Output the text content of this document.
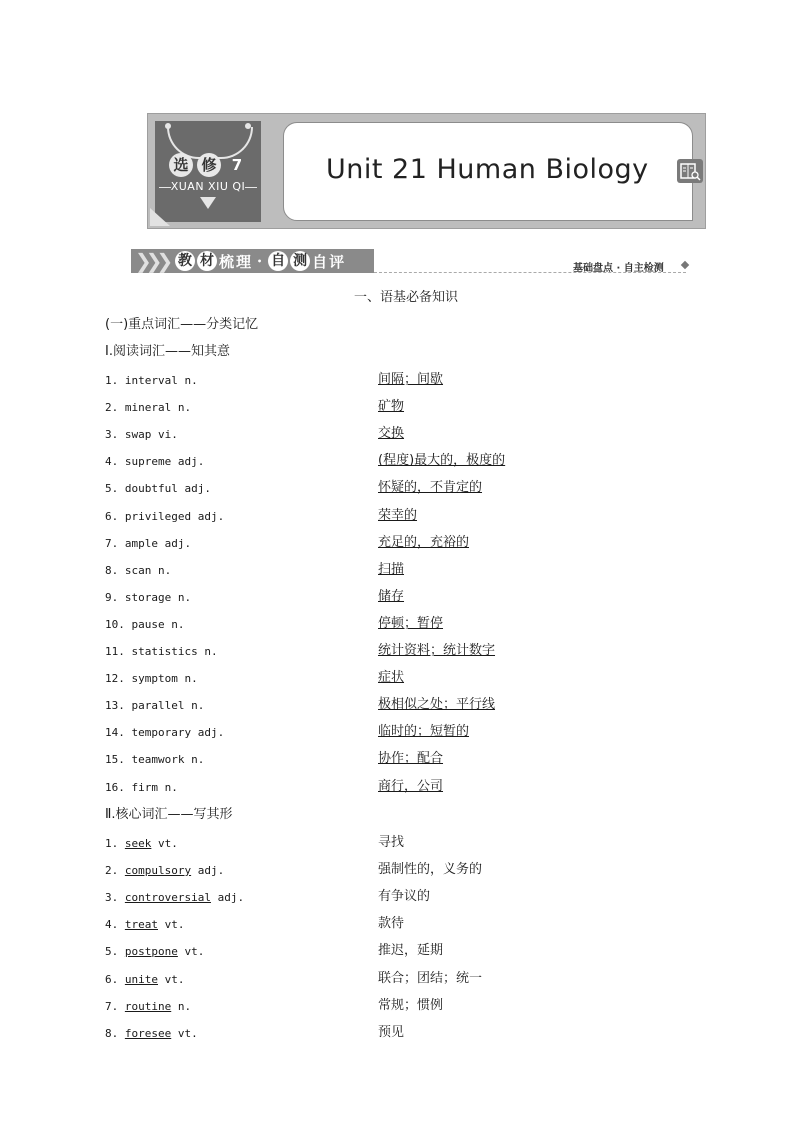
选 修	7
XUAN XIU QI
Unit 21 Human Biology
❯❯❯ 教 材 梳 理 • 自 测 自 评	基础盘点 · 自主检测
一、语基必备知识
(一)重点词汇——分类记忆
Ⅰ.阅读词汇——知其意
1. interval n.	间隔；间歇
2. mineral n.	矿物
3. swap vi.	交换
4. supreme adj.	(程度)最大的，极度的
5. doubtful adj.	怀疑的，不肯定的
6. privileged adj.	荣幸的
7. ample adj.	充足的，充裕的
8. scan n.	扫描
9. storage n.	储存
10. pause n.	停顿；暂停
11. statistics n.	统计资料；统计数字
12. symptom n.	症状
13. parallel n.	极相似之处；平行线
14. temporary adj.	临时的；短暂的
15. teamwork n.	协作；配合
16. firm n.	商行，公司
Ⅱ.核心词汇——写其形
1. seek vt.	寻找
2. compulsory adj.	强制性的，义务的
3. controversial adj.	有争议的
4. treat vt.	款待
5. postpone vt.	推迟，延期
6. unite vt.	联合；团结；统一
7. routine n.	常规；惯例
8. foresee vt.	预见
